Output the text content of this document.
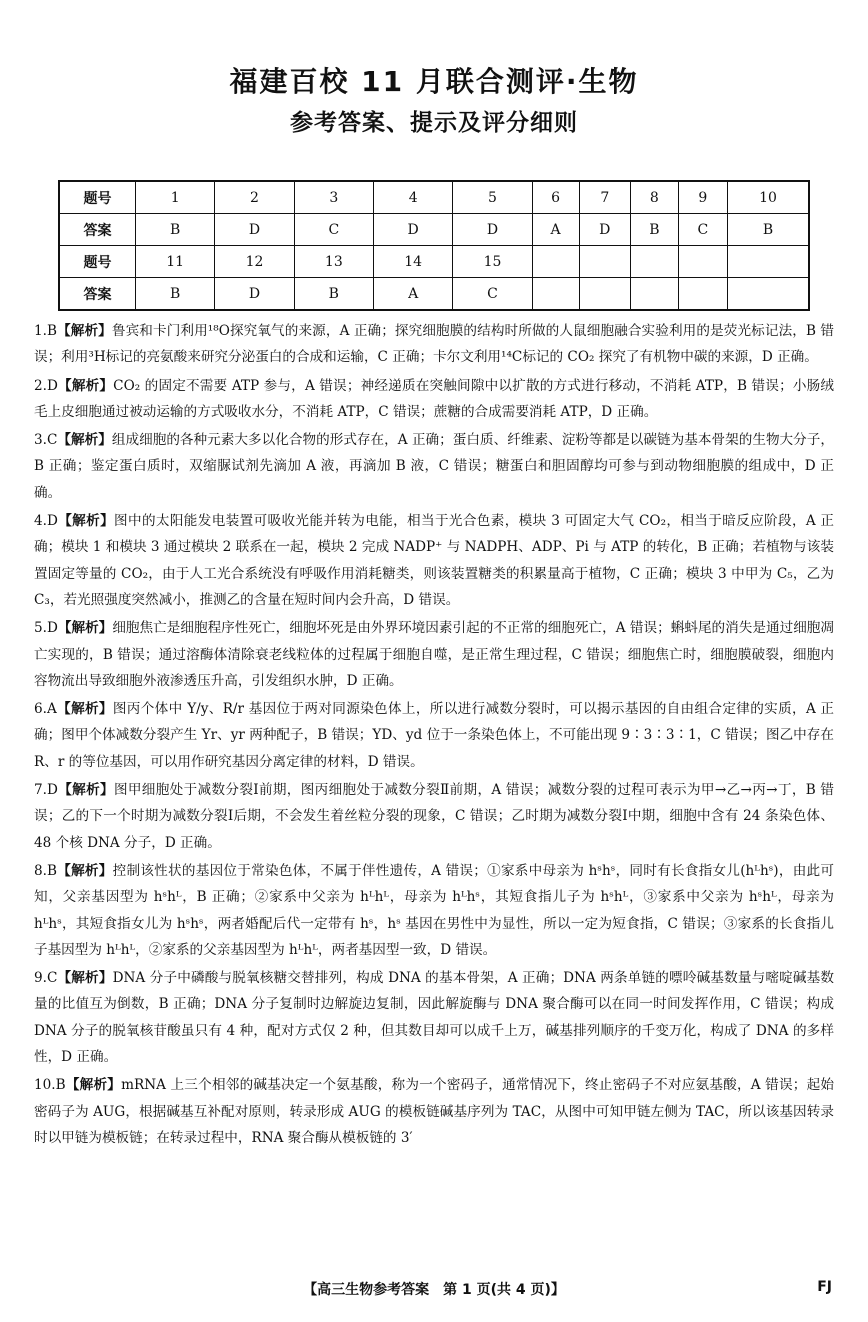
福建百校 11 月联合测评·生物
参考答案、提示及评分细则
题号	1	2	3	4	5	6	7	8	9	10
答案	B	D	C	D	D	A	D	B	C	B
题号	11	12	13	14	15					
答案	B	D	B	A	C					

1.B【解析】鲁宾和卡门利用¹⁸O探究氧气的来源，A 正确；探究细胞膜的结构时所做的人鼠细胞融合实验利用的是荧光标记法，B 错误；利用³H标记的亮氨酸来研究分泌蛋白的合成和运输，C 正确；卡尔文利用¹⁴C标记的 CO₂ 探究了有机物中碳的来源，D 正确。

2.D【解析】CO₂ 的固定不需要 ATP 参与，A 错误；神经递质在突触间隙中以扩散的方式进行移动，不消耗 ATP，B 错误；小肠绒毛上皮细胞通过被动运输的方式吸收水分，不消耗 ATP，C 错误；蔗糖的合成需要消耗 ATP，D 正确。

3.C【解析】组成细胞的各种元素大多以化合物的形式存在，A 正确；蛋白质、纤维素、淀粉等都是以碳链为基本骨架的生物大分子，B 正确；鉴定蛋白质时，双缩脲试剂先滴加 A 液，再滴加 B 液，C 错误；糖蛋白和胆固醇均可参与到动物细胞膜的组成中，D 正确。

4.D【解析】图中的太阳能发电装置可吸收光能并转为电能，相当于光合色素，模块 3 可固定大气 CO₂，相当于暗反应阶段，A 正确；模块 1 和模块 3 通过模块 2 联系在一起，模块 2 完成 NADP⁺ 与 NADPH、ADP、Pi 与 ATP 的转化，B 正确；若植物与该装置固定等量的 CO₂，由于人工光合系统没有呼吸作用消耗糖类，则该装置糖类的积累量高于植物，C 正确；模块 3 中甲为 C₅，乙为 C₃，若光照强度突然减小，推测乙的含量在短时间内会升高，D 错误。

5.D【解析】细胞焦亡是细胞程序性死亡，细胞坏死是由外界环境因素引起的不正常的细胞死亡，A 错误；蝌蚪尾的消失是通过细胞凋亡实现的，B 错误；通过溶酶体清除衰老线粒体的过程属于细胞自噬，是正常生理过程，C 错误；细胞焦亡时，细胞膜破裂，细胞内容物流出导致细胞外液渗透压升高，引发组织水肿，D 正确。

6.A【解析】图丙个体中 Y/y、R/r 基因位于两对同源染色体上，所以进行减数分裂时，可以揭示基因的自由组合定律的实质，A 正确；图甲个体减数分裂产生 Yr、yr 两种配子，B 错误；YD、yd 位于一条染色体上，不可能出现 9∶3∶3∶1，C 错误；图乙中存在 R、r 的等位基因，可以用作研究基因分离定律的材料，D 错误。

7.D【解析】图甲细胞处于减数分裂Ⅰ前期，图丙细胞处于减数分裂Ⅱ前期，A 错误；减数分裂的过程可表示为甲→乙→丙→丁，B 错误；乙的下一个时期为减数分裂Ⅰ后期，不会发生着丝粒分裂的现象，C 错误；乙时期为减数分裂Ⅰ中期，细胞中含有 24 条染色体、48 个核 DNA 分子，D 正确。

8.B【解析】控制该性状的基因位于常染色体，不属于伴性遗传，A 错误；①家系中母亲为 hˢhˢ，同时有长食指女儿(hᴸhˢ)，由此可知，父亲基因型为 hˢhᴸ，B 正确；②家系中父亲为 hᴸhᴸ，母亲为 hᴸhˢ，其短食指儿子为 hˢhᴸ，③家系中父亲为 hˢhᴸ，母亲为 hᴸhˢ，其短食指女儿为 hˢhˢ，两者婚配后代一定带有 hˢ，hˢ 基因在男性中为显性，所以一定为短食指，C 错误；③家系的长食指儿子基因型为 hᴸhᴸ，②家系的父亲基因型为 hᴸhᴸ，两者基因型一致，D 错误。

9.C【解析】DNA 分子中磷酸与脱氧核糖交替排列，构成 DNA 的基本骨架，A 正确；DNA 两条单链的嘌呤碱基数量与嘧啶碱基数量的比值互为倒数，B 正确；DNA 分子复制时边解旋边复制，因此解旋酶与 DNA 聚合酶可以在同一时间发挥作用，C 错误；构成 DNA 分子的脱氧核苷酸虽只有 4 种，配对方式仅 2 种，但其数目却可以成千上万，碱基排列顺序的千变万化，构成了 DNA 的多样性，D 正确。

10.B【解析】mRNA 上三个相邻的碱基决定一个氨基酸，称为一个密码子，通常情况下，终止密码子不对应氨基酸，A 错误；起始密码子为 AUG，根据碱基互补配对原则，转录形成 AUG 的模板链碱基序列为 TAC，从图中可知甲链左侧为 TAC，所以该基因转录时以甲链为模板链；在转录过程中，RNA 聚合酶从模板链的 3′

【高三生物参考答案　第 1 页(共 4 页)】	FJ
